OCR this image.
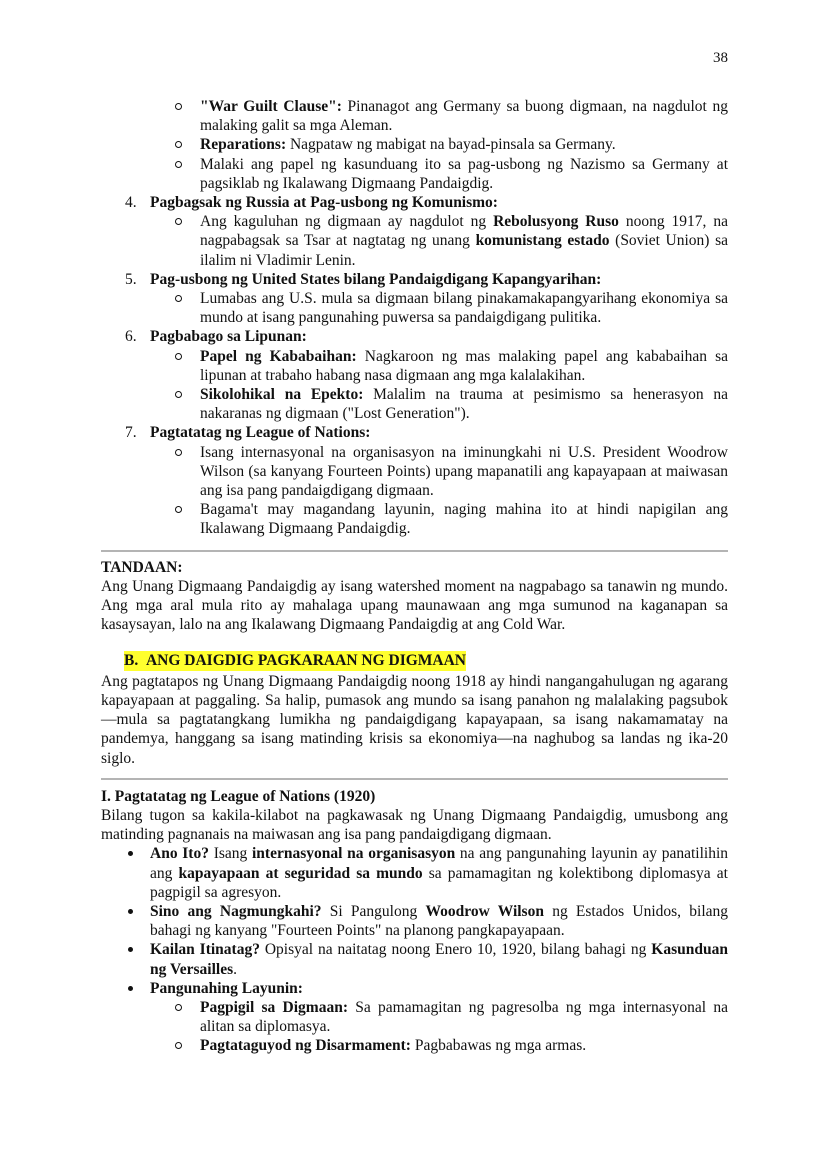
38
"War Guilt Clause": Pinanagot ang Germany sa buong digmaan, na nagdulot ng malaking galit sa mga Aleman.
Reparations: Nagpataw ng mabigat na bayad-pinsala sa Germany.
Malaki ang papel ng kasunduang ito sa pag-usbong ng Nazismo sa Germany at pagsiklab ng Ikalawang Digmaang Pandaigdig.
4. Pagbagsak ng Russia at Pag-usbong ng Komunismo:
Ang kaguluhan ng digmaan ay nagdulot ng Rebolusyong Ruso noong 1917, na nagpabagsak sa Tsar at nagtatag ng unang komunistang estado (Soviet Union) sa ilalim ni Vladimir Lenin.
5. Pag-usbong ng United States bilang Pandaigdigang Kapangyarihan:
Lumabas ang U.S. mula sa digmaan bilang pinakamakapangyarihang ekonomiya sa mundo at isang pangunahing puwersa sa pandaigdigang pulitika.
6. Pagbabago sa Lipunan:
Papel ng Kababaihan: Nagkaroon ng mas malaking papel ang kababaihan sa lipunan at trabaho habang nasa digmaan ang mga kalalakihan.
Sikolohikal na Epekto: Malalim na trauma at pesimismo sa henerasyon na nakaranas ng digmaan ("Lost Generation").
7. Pagtatatag ng League of Nations:
Isang internasyonal na organisasyon na iminungkahi ni U.S. President Woodrow Wilson (sa kanyang Fourteen Points) upang mapanatili ang kapayapaan at maiwasan ang isa pang pandaigdigang digmaan.
Bagama't may magandang layunin, naging mahina ito at hindi napigilan ang Ikalawang Digmaang Pandaigdig.
TANDAAN:
Ang Unang Digmaang Pandaigdig ay isang watershed moment na nagpabago sa tanawin ng mundo. Ang mga aral mula rito ay mahalaga upang maunawaan ang mga sumunod na kaganapan sa kasaysayan, lalo na ang Ikalawang Digmaang Pandaigdig at ang Cold War.
B. ANG DAIGDIG PAGKARAAN NG DIGMAAN
Ang pagtatapos ng Unang Digmaang Pandaigdig noong 1918 ay hindi nangangahulugan ng agarang kapayapaan at paggaling. Sa halip, pumasok ang mundo sa isang panahon ng malalaking pagsubok—mula sa pagtatangkang lumikha ng pandaigdigang kapayapaan, sa isang nakamamatay na pandemya, hanggang sa isang matinding krisis sa ekonomiya—na naghubog sa landas ng ika-20 siglo.
I. Pagtatatag ng League of Nations (1920)
Bilang tugon sa kakila-kilabot na pagkawasak ng Unang Digmaang Pandaigdig, umusbong ang matinding pagnanais na maiwasan ang isa pang pandaigdigang digmaan.
Ano Ito? Isang internasyonal na organisasyon na ang pangunahing layunin ay panatilihin ang kapayapaan at seguridad sa mundo sa pamamagitan ng kolektibong diplomasya at pagpigil sa agresyon.
Sino ang Nagmungkahi? Si Pangulong Woodrow Wilson ng Estados Unidos, bilang bahagi ng kanyang "Fourteen Points" na planong pangkapayapaan.
Kailan Itinatag? Opisyal na naitatag noong Enero 10, 1920, bilang bahagi ng Kasunduan ng Versailles.
Pangunahing Layunin:
Pagpigil sa Digmaan: Sa pamamagitan ng pagresolba ng mga internasyonal na alitan sa diplomasya.
Pagtataguyod ng Disarmament: Pagbabawas ng mga armas.
